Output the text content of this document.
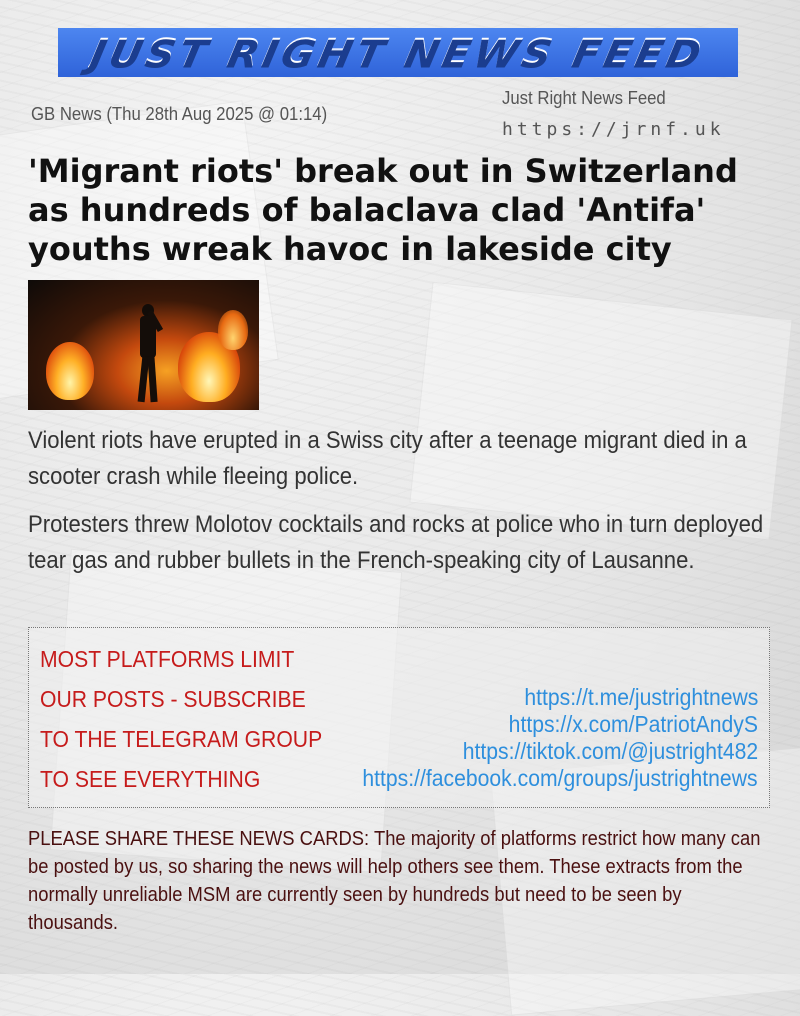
JUST RIGHT NEWS FEED
GB News (Thu 28th Aug 2025 @ 01:14)
Just Right News Feed
https://jrnf.uk
'Migrant riots' break out in Switzerland as hundreds of balaclava clad 'Antifa' youths wreak havoc in lakeside city

Violent riots have erupted in a Swiss city after a teenage migrant died in a scooter crash while fleeing police.

Protesters threw Molotov cocktails and rocks at police who in turn deployed tear gas and rubber bullets in the French-speaking city of Lausanne.

MOST PLATFORMS LIMIT
OUR POSTS - SUBSCRIBE
TO THE TELEGRAM GROUP
TO SEE EVERYTHING
https://t.me/justrightnews
https://x.com/PatriotAndyS
https://tiktok.com/@justright482
https://facebook.com/groups/justrightnews

PLEASE SHARE THESE NEWS CARDS: The majority of platforms restrict how many can be posted by us, so sharing the news will help others see them. These extracts from the normally unreliable MSM are currently seen by hundreds but need to be seen by thousands.
